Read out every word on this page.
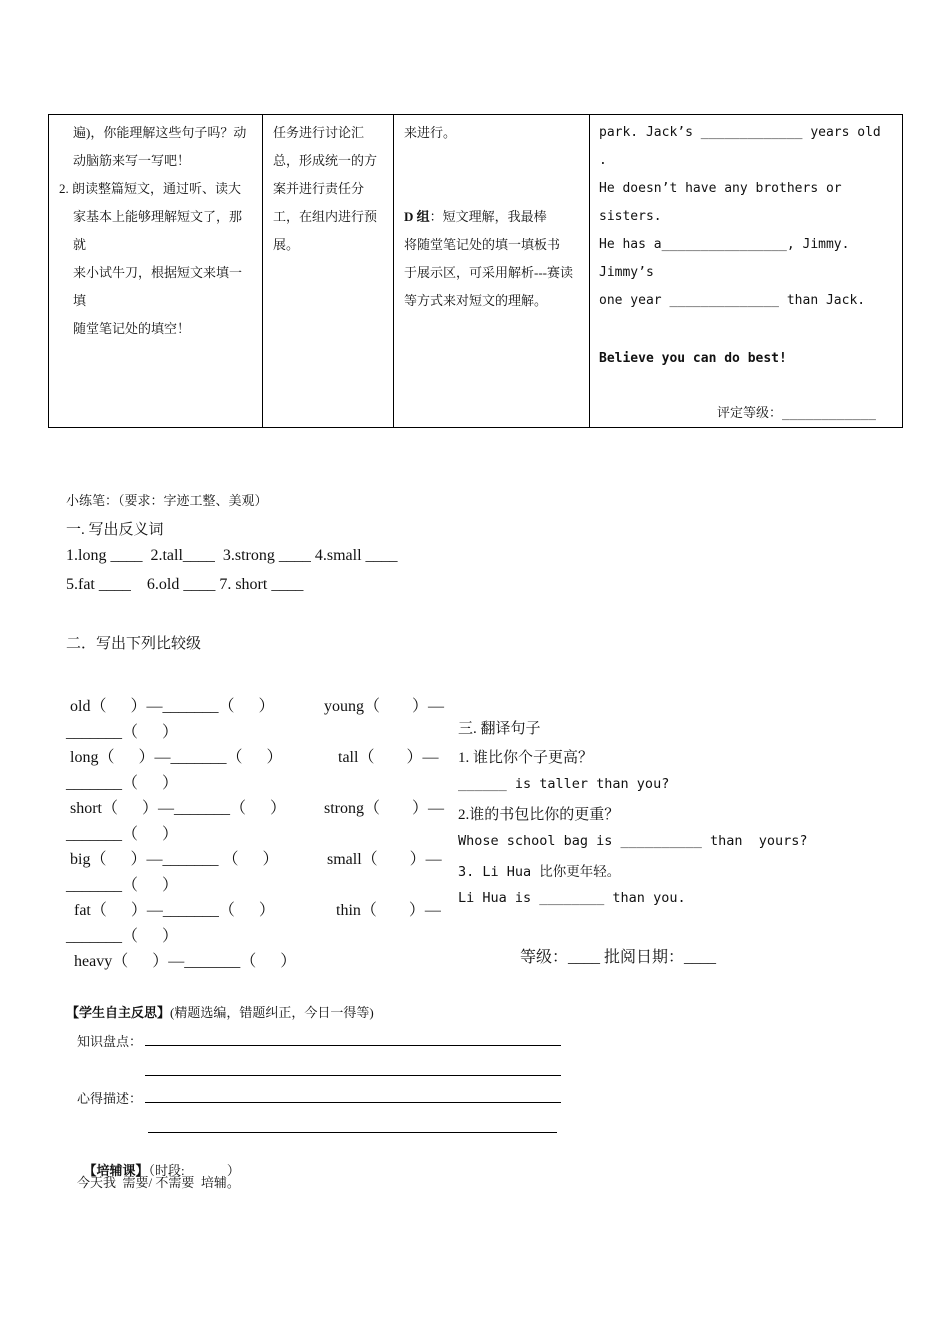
遍)，你能理解这些句子吗？动
动脑筋来写一写吧！
2. 朗读整篇短文，通过听、读大
家基本上能够理解短文了，那就
来小试牛刀，根据短文来填一填
随堂笔记处的填空！

任务进行讨论汇
总，形成统一的方
案并进行责任分
工，在组内进行预
展。

来进行。
D 组：短文理解，我最棒
将随堂笔记处的填一填板书
于展示区，可采用解析---赛读
等方式来对短文的理解。

park. Jack’s _____________ years old .
He doesn’t have any brothers or sisters.
He has a________________, Jimmy. Jimmy’s
one year ______________ than Jack.
Believe you can do best!
评定等级：____________
小练笔：（要求：字迹工整、美观）
一. 写出反义词
1.long ____  2.tall____  3.strong ____ 4.small ____
5.fat ____    6.old ____ 7. short ____
二．写出下列比较级
old（      ）—_______（      ）	young（        ）—
_______（      ）
long（      ）—_______（      ）	tall（        ）—
_______（      ）
short（      ）—_______（      ） strong（        ）—
_______（      ）
big（      ）—_______ （      ）	small（        ）—
_______（      ）
fat（      ）—_______（      ）	thin（        ）—
_______（      ）
heavy（      ）—_______（      ）
三. 翻译句子
1. 谁比你个子更高？
______ is taller than you?
2.谁的书包比你的更重？
Whose school bag is __________ than  yours?
3. Li Hua 比你更年轻。
Li Hua is ________ than you.
等级：____ 批阅日期：____
【学生自主反思】(精题选编，错题纠正，今日一得等)
知识盘点：
心得描述：

【培辅课】（时段:             ）

今天我  需要/ 不需要  培辅。
